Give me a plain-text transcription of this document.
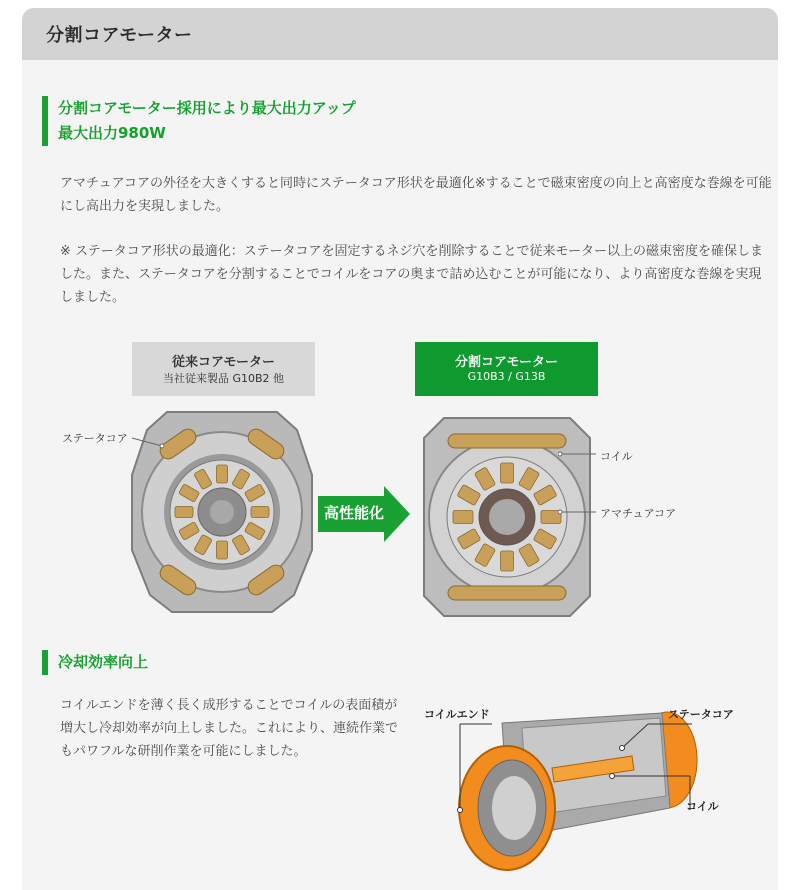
分割コアモーター
分割コアモーター採用により最大出力アップ
最大出力980W
アマチュアコアの外径を大きくすると同時にステータコア形状を最適化※することで磁束密度の向上と高密度な巻線を可能にし高出力を実現しました。
※ ステータコア形状の最適化：ステータコアを固定するネジ穴を削除することで従来モーター以上の磁束密度を確保しました。また、ステータコアを分割することでコイルをコアの奥まで詰め込むことが可能になり、より高密度な巻線を実現しました。
従来コアモーター
当社従来製品 G10B2 他
分割コアモーター
G10B3 / G13B
ステータコア
高性能化
コイル
アマチュアコア
冷却効率向上
コイルエンドを薄く長く成形することでコイルの表面積が増大し冷却効率が向上しました。これにより、連続作業でもパワフルな研削作業を可能にしました。
コイルエンド	ステータコア
コイル
